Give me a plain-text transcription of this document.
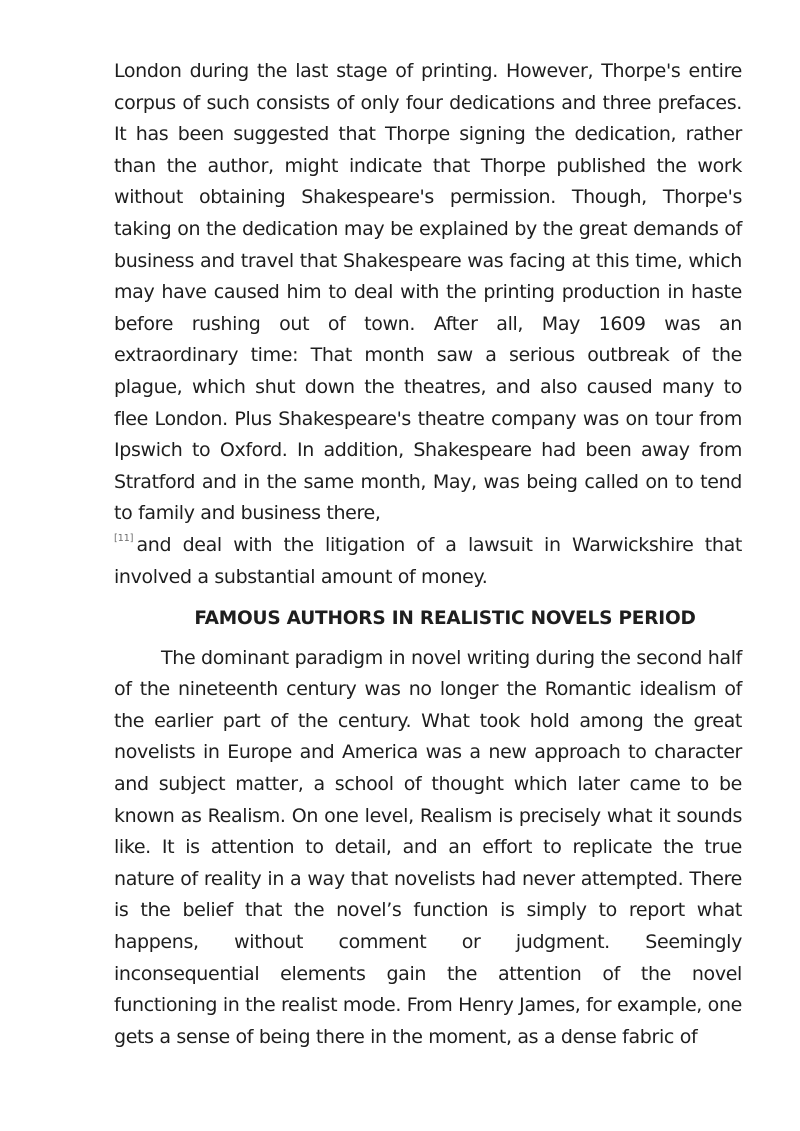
London during the last stage of printing. However, Thorpe's entire corpus of such consists of only four dedications and three prefaces. It has been suggested that Thorpe signing the dedication, rather than the author, might indicate that Thorpe published the work without obtaining Shakespeare's permission. Though, Thorpe's taking on the dedication may be explained by the great demands of business and travel that Shakespeare was facing at this time, which may have caused him to deal with the printing production in haste before rushing out of town. After all, May 1609 was an extraordinary time: That month saw a serious outbreak of the plague, which shut down the theatres, and also caused many to flee London. Plus Shakespeare's theatre company was on tour from Ipswich to Oxford. In addition, Shakespeare had been away from Stratford and in the same month, May, was being called on to tend to family and business there,
[11] and deal with the litigation of a lawsuit in Warwickshire that involved a substantial amount of money.

FAMOUS AUTHORS IN REALISTIC NOVELS PERIOD

The dominant paradigm in novel writing during the second half of the nineteenth century was no longer the Romantic idealism of the earlier part of the century. What took hold among the great novelists in Europe and America was a new approach to character and subject matter, a school of thought which later came to be known as Realism. On one level, Realism is precisely what it sounds like. It is attention to detail, and an effort to replicate the true nature of reality in a way that novelists had never attempted. There is the belief that the novel’s function is simply to report what happens, without comment or judgment. Seemingly inconsequential elements gain the attention of the novel functioning in the realist mode. From Henry James, for example, one gets a sense of being there in the moment, as a dense fabric of
